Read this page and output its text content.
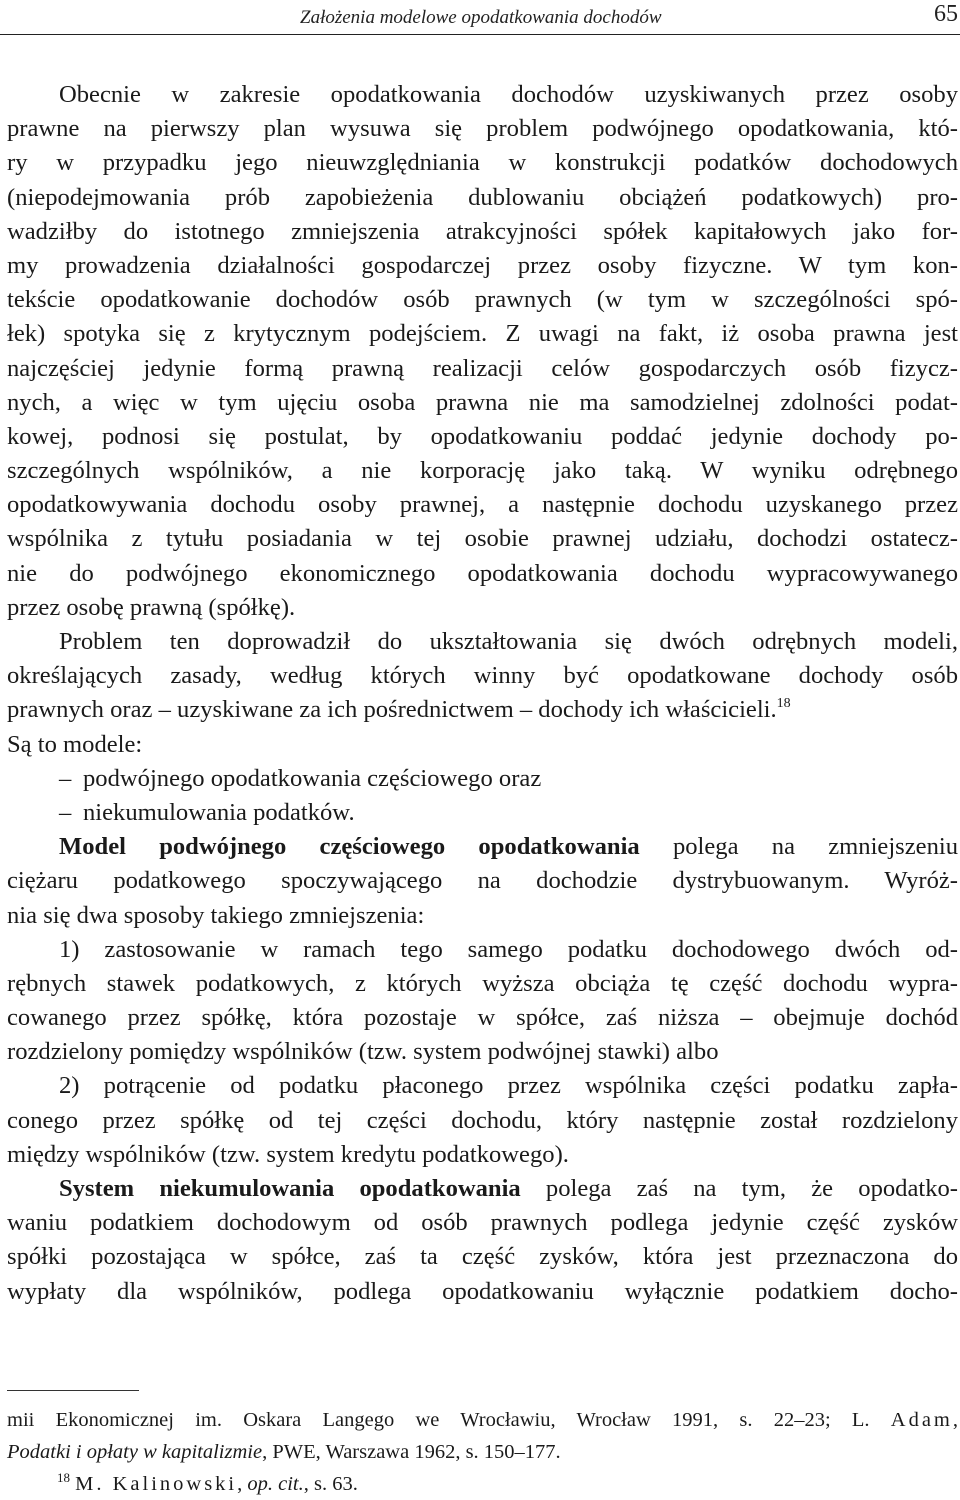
Założenia modelowe opodatkowania dochodów	65
Obecnie w zakresie opodatkowania dochodów uzyskiwanych przez osoby
prawne na pierwszy plan wysuwa się problem podwójnego opodatkowania, któ-
ry w przypadku jego nieuwzględniania w konstrukcji podatków dochodowych
(niepodejmowania prób zapobieżenia dublowaniu obciążeń podatkowych) pro-
wadziłby do istotnego zmniejszenia atrakcyjności spółek kapitałowych jako for-
my prowadzenia działalności gospodarczej przez osoby fizyczne. W tym kon-
tekście opodatkowanie dochodów osób prawnych (w tym w szczególności spó-
łek) spotyka się z krytycznym podejściem. Z uwagi na fakt, iż osoba prawna jest
najczęściej jedynie formą prawną realizacji celów gospodarczych osób fizycz-
nych, a więc w tym ujęciu osoba prawna nie ma samodzielnej zdolności podat-
kowej, podnosi się postulat, by opodatkowaniu poddać jedynie dochody po-
szczególnych wspólników, a nie korporację jako taką. W wyniku odrębnego
opodatkowywania dochodu osoby prawnej, a następnie dochodu uzyskanego przez
wspólnika z tytułu posiadania w tej osobie prawnej udziału, dochodzi ostatecz-
nie do podwójnego ekonomicznego opodatkowania dochodu wypracowywanego
przez osobę prawną (spółkę).
Problem ten doprowadził do ukształtowania się dwóch odrębnych modeli,
określających zasady, według których winny być opodatkowane dochody osób
prawnych oraz – uzyskiwane za ich pośrednictwem – dochody ich właścicieli.$^{18}$
Są to modele:
– podwójnego opodatkowania częściowego oraz
– niekumulowania podatków.
Model podwójnego częściowego opodatkowania polega na zmniejszeniu
ciężaru podatkowego spoczywającego na dochodzie dystrybuowanym. Wyróż-
nia się dwa sposoby takiego zmniejszenia:
1) zastosowanie w ramach tego samego podatku dochodowego dwóch od-
rębnych stawek podatkowych, z których wyższa obciąża tę część dochodu wypra-
cowanego przez spółkę, która pozostaje w spółce, zaś niższa – obejmuje dochód
rozdzielony pomiędzy wspólników (tzw. system podwójnej stawki) albo
2) potrącenie od podatku płaconego przez wspólnika części podatku zapła-
conego przez spółkę od tej części dochodu, który następnie został rozdzielony
między wspólników (tzw. system kredytu podatkowego).
System niekumulowania opodatkowania polega zaś na tym, że opodatko-
waniu podatkiem dochodowym od osób prawnych podlega jedynie część zysków
spółki pozostająca w spółce, zaś ta część zysków, która jest przeznaczona do
wypłaty dla wspólników, podlega opodatkowaniu wyłącznie podatkiem docho-
mii Ekonomicznej im. Oskara Langego we Wrocławiu, Wrocław 1991, s. 22–23; L. Adam,
Podatki i opłaty w kapitalizmie, PWE, Warszawa 1962, s. 150–177.
$^{18}$ M. Kalinowski, op. cit., s. 63.
